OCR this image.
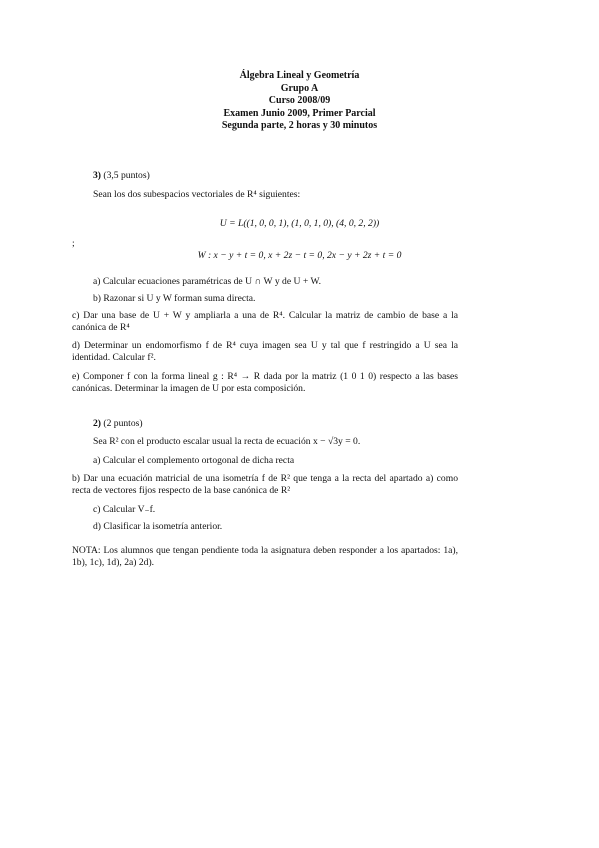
Álgebra Lineal y Geometría
Grupo A
Curso 2008/09
Examen Junio 2009, Primer Parcial
Segunda parte, 2 horas y 30 minutos
3) (3,5 puntos)
Sean los dos subespacios vectoriales de R⁴ siguientes:
U = L((1, 0, 0, 1), (1, 0, 1, 0), (4, 0, 2, 2))
;
W : x − y + t = 0, x + 2z − t = 0, 2x − y + 2z + t = 0
a) Calcular ecuaciones paramétricas de U ∩ W y de U + W.
b) Razonar si U y W forman suma directa.
c) Dar una base de U + W y ampliarla a una de R⁴. Calcular la matriz de cambio de base a la canónica de R⁴
d) Determinar un endomorfismo f de R⁴ cuya imagen sea U y tal que f restringido a U sea la identidad. Calcular f².
e) Componer f con la forma lineal g : R⁴ → R dada por la matriz (1 0 1 0) respecto a las bases canónicas. Determinar la imagen de U por esta composición.
2) (2 puntos)
Sea R² con el producto escalar usual la recta de ecuación x − √3y = 0.
a) Calcular el complemento ortogonal de dicha recta
b) Dar una ecuación matricial de una isometría f de R² que tenga a la recta del apartado a) como recta de vectores fijos respecto de la base canónica de R²
c) Calcular V₋f.
d) Clasificar la isometría anterior.
NOTA: Los alumnos que tengan pendiente toda la asignatura deben responder a los apartados: 1a), 1b), 1c), 1d), 2a) 2d).
